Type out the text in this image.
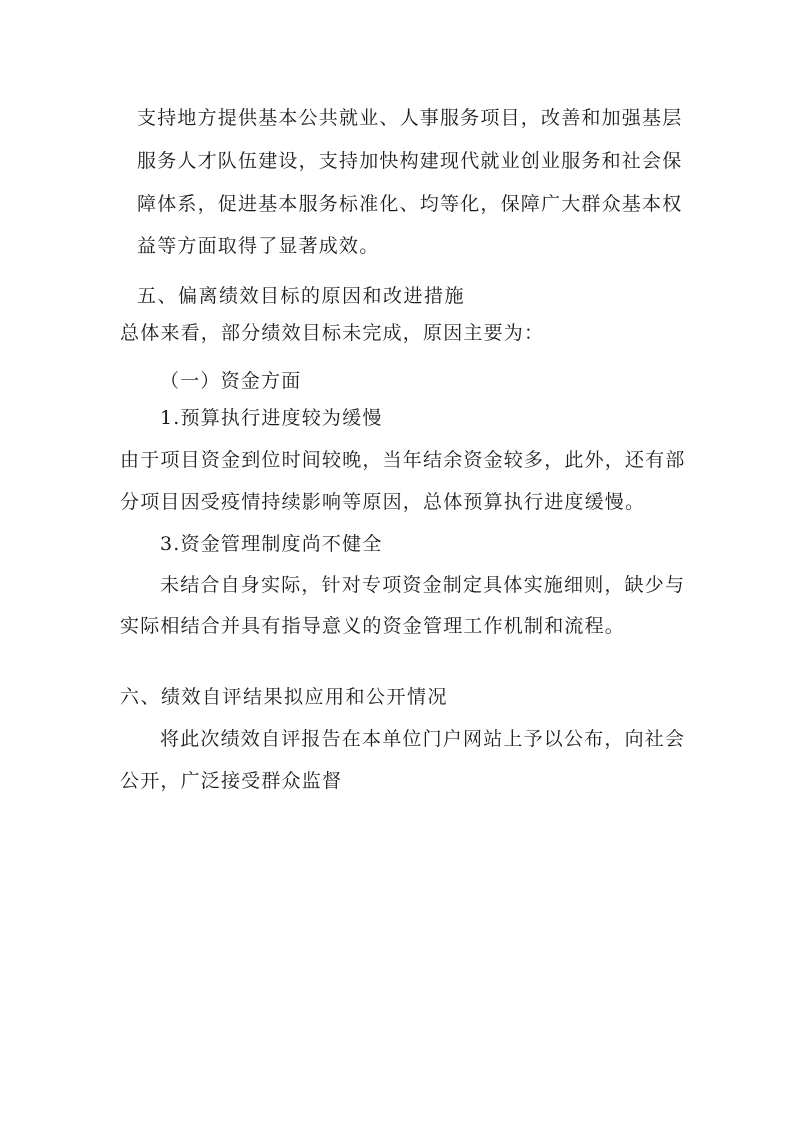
支持地方提供基本公共就业、人事服务项目，改善和加强基层
服务人才队伍建设，支持加快构建现代就业创业服务和社会保
障体系，促进基本服务标准化、均等化，保障广大群众基本权
益等方面取得了显著成效。
五、偏离绩效目标的原因和改进措施
总体来看，部分绩效目标未完成，原因主要为：
（一）资金方面
1.预算执行进度较为缓慢
由于项目资金到位时间较晚，当年结余资金较多，此外，还有部
分项目因受疫情持续影响等原因，总体预算执行进度缓慢。
3.资金管理制度尚不健全
未结合自身实际，针对专项资金制定具体实施细则，缺少与
实际相结合并具有指导意义的资金管理工作机制和流程。
六、绩效自评结果拟应用和公开情况
将此次绩效自评报告在本单位门户网站上予以公布，向社会
公开，广泛接受群众监督
